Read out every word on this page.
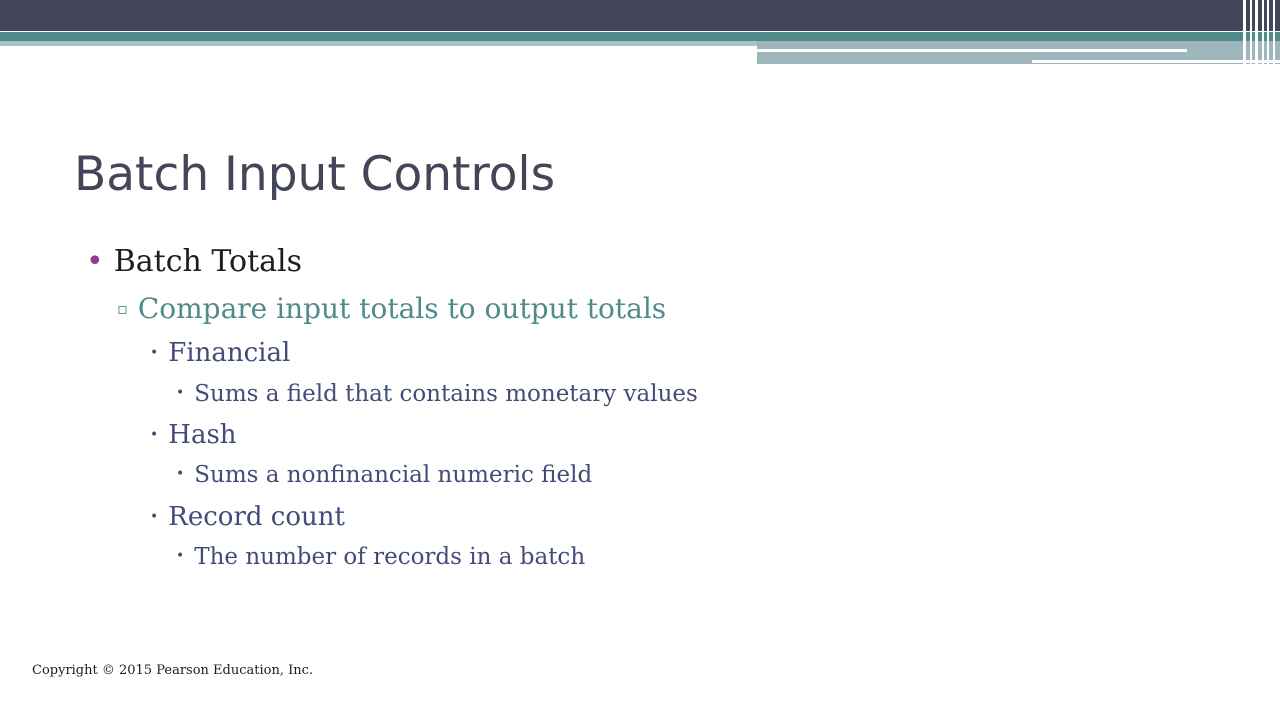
Batch Input Controls

• Batch Totals

▫ Compare input totals to output totals

• Financial

• Sums a field that contains monetary values

• Hash

• Sums a nonfinancial numeric field

• Record count

• The number of records in a batch

Copyright © 2015 Pearson Education, Inc.
